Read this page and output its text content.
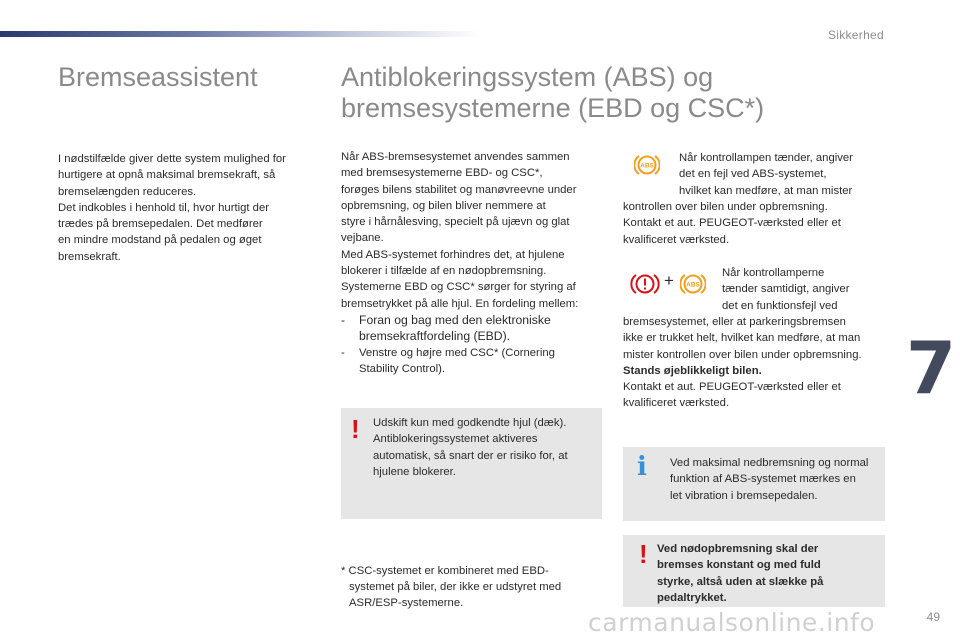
Sikkerhed
Bremseassistent	Antiblokeringssystem (ABS) og
bremsesystemerne (EBD og CSC*)

I nødstilfælde giver dette system mulighed for

hurtigere at opnå maksimal bremsekraft, så

bremselængden reduceres.

Det indkobles i henhold til, hvor hurtigt der

trædes på bremsepedalen. Det medfører

en mindre modstand på pedalen og øget

bremsekraft.

Når ABS-bremsesystemet anvendes sammen

med bremsesystemerne EBD- og CSC*,

forøges bilens stabilitet og manøvreevne under

opbremsning, og bilen bliver nemmere at

styre i hårnålesving, specielt på ujævn og glat

vejbane.

Med ABS-systemet forhindres det, at hjulene

blokerer i tilfælde af en nødopbremsning.

Systemerne EBD og CSC* sørger for styring af

bremsetrykket på alle hjul. En fordeling mellem:

-	Foran og bag med den elektroniske
bremsekraftfordeling (EBD).
-	Venstre og højre med CSC* (Cornering
Stability Control).
! Udskift kun med godkendte hjul (dæk).
Antiblokeringssystemet aktiveres
automatisk, så snart der er risiko for, at
hjulene blokerer.
* CSC-systemet er kombineret med EBD-
systemet på biler, der ikke er udstyret med
ASR/ESP-systemerne.
ABS

Når kontrollampen tænder, angiver

det en fejl ved ABS-systemet,

hvilket kan medføre, at man mister

kontrollen over bilen under opbremsning.

Kontakt et aut. PEUGEOT-værksted eller et

kvalificeret værksted.

+ ABS

Når kontrollamperne

tænder samtidigt, angiver

det en funktionsfejl ved

bremsesystemet, eller at parkeringsbremsen

ikke er trukket helt, hvilket kan medføre, at man

mister kontrollen over bilen under opbremsning.

Stands øjeblikkeligt bilen.

Kontakt et aut. PEUGEOT-værksted eller et

kvalificeret værksted.

i Ved maksimal nedbremsning og normal
funktion af ABS-systemet mærkes en
let vibration i bremsepedalen.
! Ved nødopbremsning skal der
bremses konstant og med fuld
styrke, altså uden at slække på
pedaltrykket.
7
carmanualsonline.info	49
